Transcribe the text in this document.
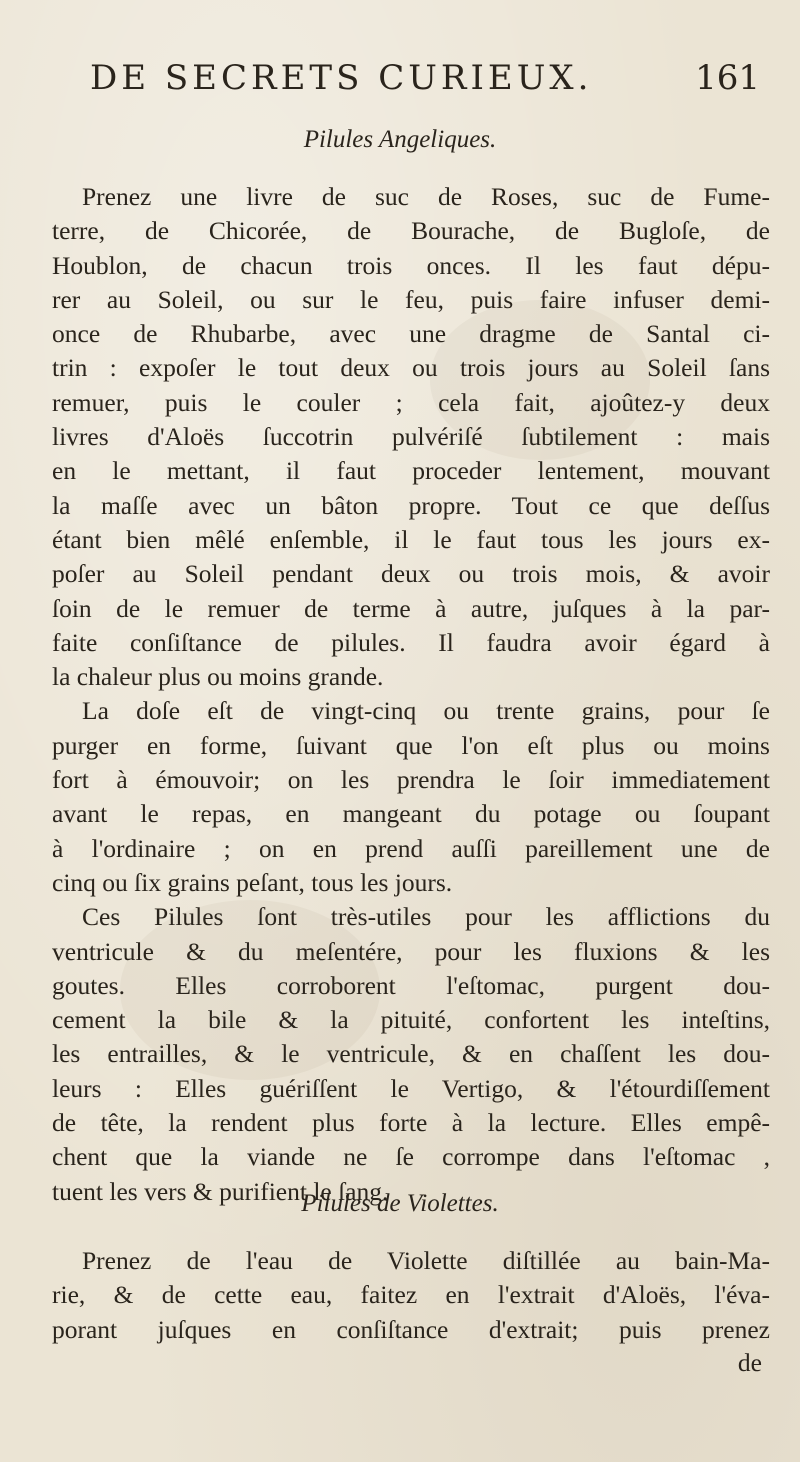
DE SECRETS CURIEUX.	161
Pilules Angeliques.
Prenez une livre de suc de Roses, suc de Fume-
terre, de Chicorée, de Bourache, de Bugloſe, de
Houblon, de chacun trois onces. Il les faut dépu-
rer au Soleil, ou sur le feu, puis faire infuser demi-
once de Rhubarbe, avec une dragme de Santal ci-
trin : expoſer le tout deux ou trois jours au Soleil ſans
remuer, puis le couler ; cela fait, ajoûtez-y deux
livres d'Aloës ſuccotrin pulvériſé ſubtilement : mais
en le mettant, il faut proceder lentement, mouvant
la maſſe avec un bâton propre. Tout ce que deſſus
étant bien mêlé enſemble, il le faut tous les jours ex-
poſer au Soleil pendant deux ou trois mois, & avoir
ſoin de le remuer de terme à autre, juſques à la par-
faite conſiſtance de pilules. Il faudra avoir égard à
la chaleur plus ou moins grande.
La doſe eſt de vingt-cinq ou trente grains, pour ſe
purger en forme, ſuivant que l'on eſt plus ou moins
fort à émouvoir; on les prendra le ſoir immediatement
avant le repas, en mangeant du potage ou ſoupant
à l'ordinaire ; on en prend auſſi pareillement une de
cinq ou ſix grains peſant, tous les jours.
Ces Pilules ſont très-utiles pour les afflictions du
ventricule & du meſentére, pour les fluxions & les
goutes. Elles corroborent l'eſtomac, purgent dou-
cement la bile & la pituité, confortent les inteſtins,
les entrailles, & le ventricule, & en chaſſent les dou-
leurs : Elles guériſſent le Vertigo, & l'étourdiſſement
de tête, la rendent plus forte à la lecture. Elles empê-
chent que la viande ne ſe corrompe dans l'eſtomac ,
tuent les vers & purifient le ſang.
Pilules de Violettes.
Prenez de l'eau de Violette diſtillée au bain-Ma-
rie, & de cette eau, faitez en l'extrait d'Aloës, l'éva-
porant juſques en conſiſtance d'extrait; puis prenez
de
